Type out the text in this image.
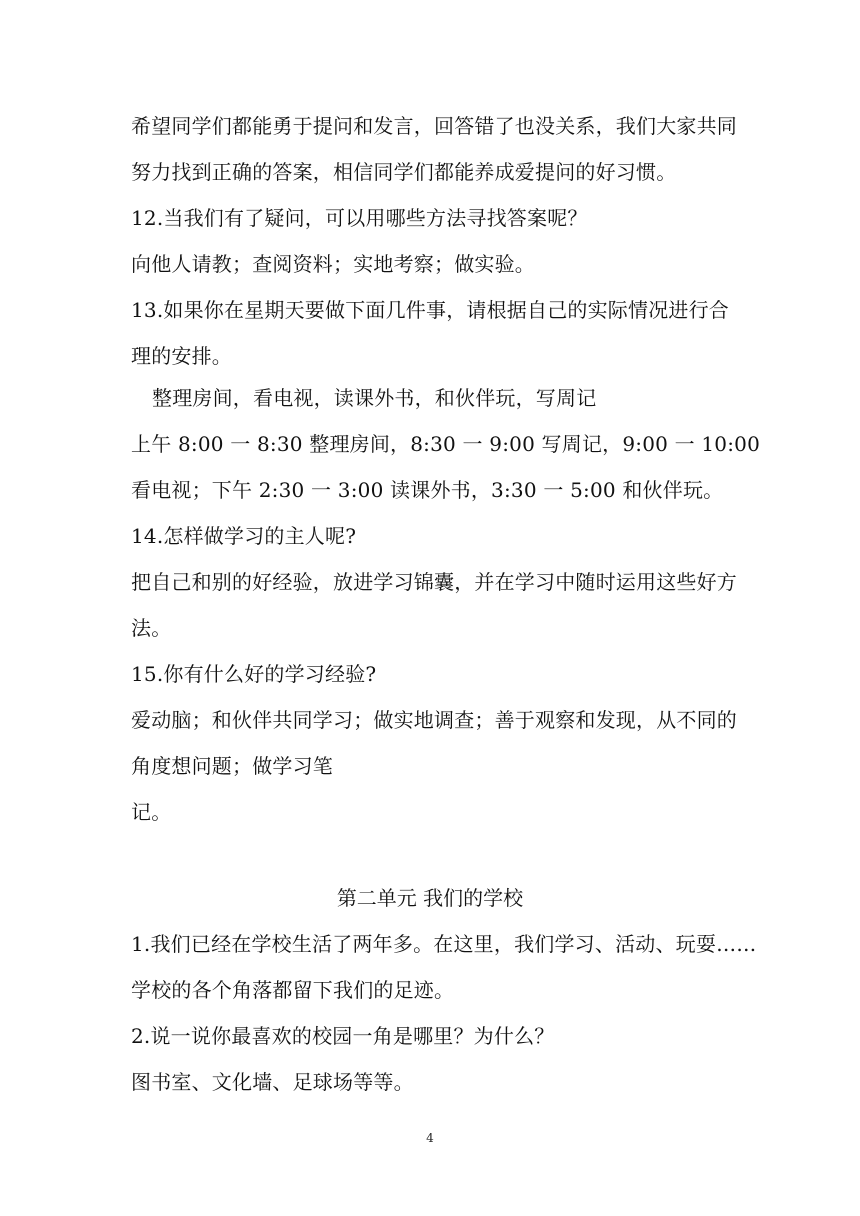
希望同学们都能勇于提问和发言，回答错了也没关系，我们大家共同
努力找到正确的答案，相信同学们都能养成爱提问的好习惯。
12.当我们有了疑问，可以用哪些方法寻找答案呢？
向他人请教；查阅资料；实地考察；做实验。
13.如果你在星期天要做下面几件事，请根据自己的实际情况进行合
理的安排。
整理房间，看电视，读课外书，和伙伴玩，写周记
上午 8:00 一 8:30 整理房间，8:30 一 9:00 写周记，9:00 一 10:00
看电视；下午 2:30 一 3:00 读课外书，3:30 一 5:00 和伙伴玩。
14.怎样做学习的主人呢?
把自己和别的好经验，放进学习锦囊，并在学习中随时运用这些好方
法。
15.你有什么好的学习经验?
爱动脑；和伙伴共同学习；做实地调查；善于观察和发现，从不同的
角度想问题；做学习笔
记。
第二单元 我们的学校
1.我们已经在学校生活了两年多。在这里，我们学习、活动、玩耍……
学校的各个角落都留下我们的足迹。
2.说一说你最喜欢的校园一角是哪里？为什么？
图书室、文化墙、足球场等等。
4
